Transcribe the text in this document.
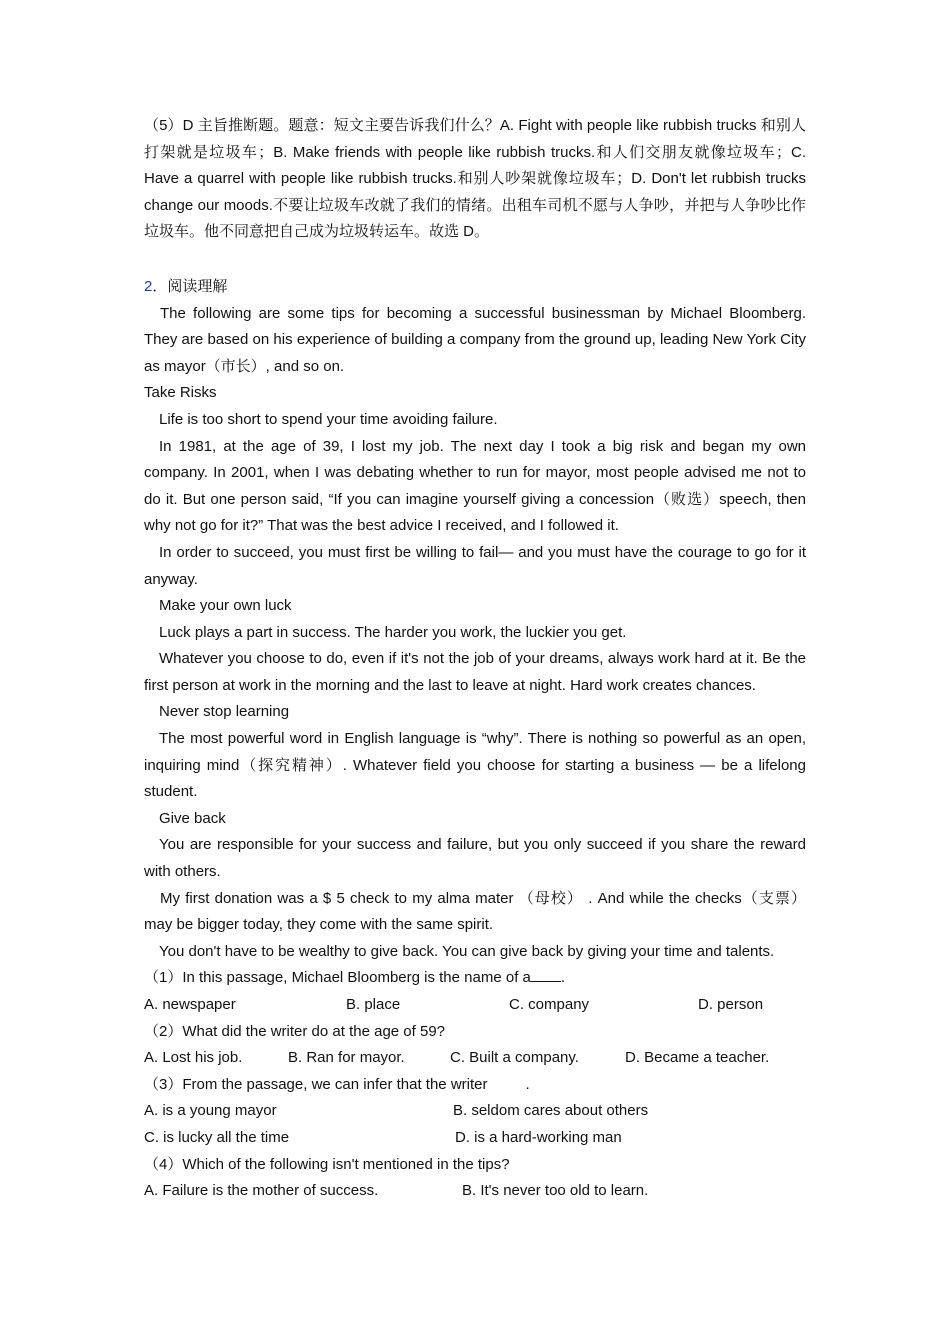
（5）D 主旨推断题。题意：短文主要告诉我们什么？A. Fight with people like rubbish trucks 和别人打架就是垃圾车；B. Make friends with people like rubbish trucks.和人们交朋友就像垃圾车；C. Have a quarrel with people like rubbish trucks.和别人吵架就像垃圾车；D. Don't let rubbish trucks change our moods.不要让垃圾车改就了我们的情绪。出租车司机不愿与人争吵，并把与人争吵比作垃圾车。他不同意把自己成为垃圾转运车。故选 D。

2．阅读理解

The following are some tips for becoming a successful businessman by Michael Bloomberg. They are based on his experience of building a company from the ground up, leading New York City as mayor（市长）, and so on.

Take Risks

Life is too short to spend your time avoiding failure.

In 1981, at the age of 39, I lost my job. The next day I took a big risk and began my own company. In 2001, when I was debating whether to run for mayor, most people advised me not to do it. But one person said, “If you can imagine yourself giving a concession（败选）speech, then why not go for it?” That was the best advice I received, and I followed it.

In order to succeed, you must first be willing to fail— and you must have the courage to go for it anyway.

Make your own luck

Luck plays a part in success. The harder you work, the luckier you get.

Whatever you choose to do, even if it's not the job of your dreams, always work hard at it. Be the first person at work in the morning and the last to leave at night. Hard work creates chances.

Never stop learning

The most powerful word in English language is “why”. There is nothing so powerful as an open, inquiring mind（探究精神）. Whatever field you choose for starting a business — be a lifelong student.

Give back

You are responsible for your success and failure, but you only succeed if you share the reward with others.

My first donation was a $ 5 check to my alma mater （母校） . And while the checks（支票）may be bigger today, they come with the same spirit.

You don't have to be wealthy to give back. You can give back by giving your time and talents.

（1）In this passage, Michael Bloomberg is the name of a .

A. newspaper	B. place	C. company	D. person

（2）What did the writer do at the age of 59?

A. Lost his job.	B. Ran for mayor.	C. Built a company.	D. Became a teacher.

（3）From the passage, we can infer that the writer	.

A. is a young mayor	B. seldom cares about others
C. is lucky all the time	D. is a hard-working man

（4）Which of the following isn't mentioned in the tips?

A. Failure is the mother of success.	B. It's never too old to learn.
